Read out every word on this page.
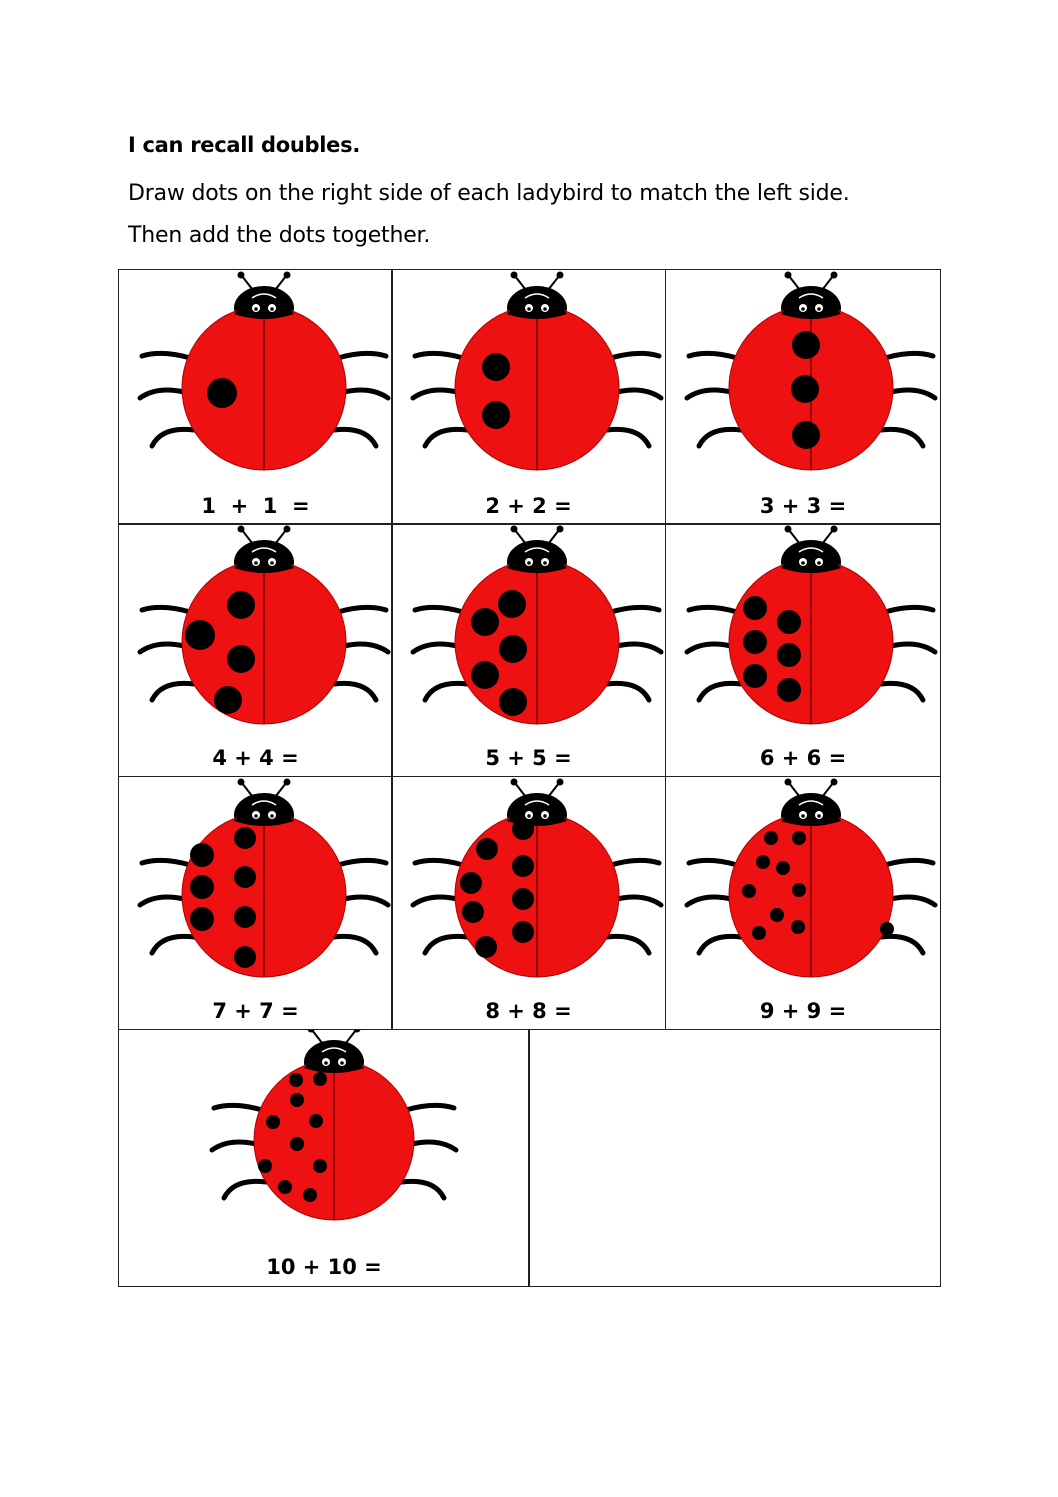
I can recall doubles.
Draw dots on the right side of each ladybird to match the left side.
Then add the dots together.
1  +  1  =	2 + 2 =	3 + 3 =
4 + 4 =	5 + 5 =	6 + 6 =
7 + 7 =	8 + 8 =	9 + 9 =
10 + 10 =
